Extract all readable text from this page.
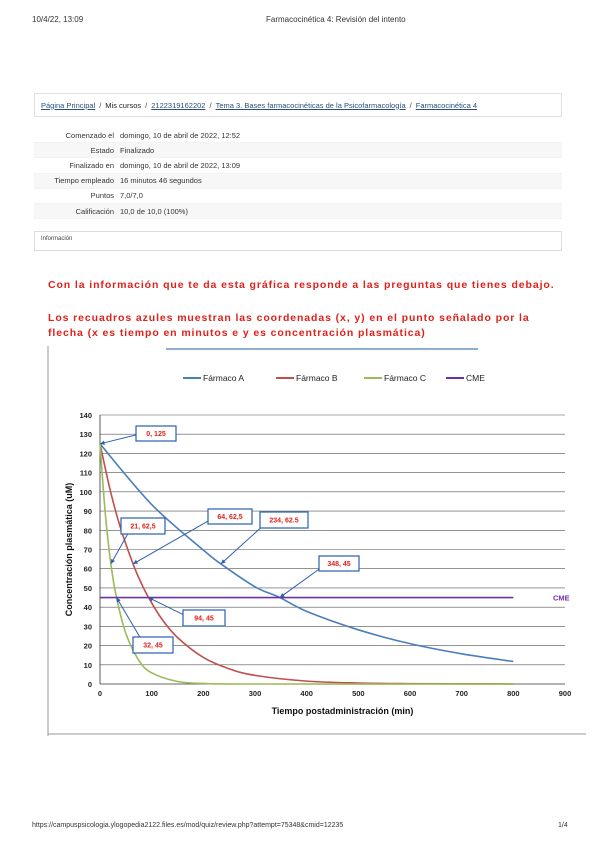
10/4/22, 13:09	Farmacocinética 4: Revisión del intento
Página Principal / Mis cursos / 2122319162202 / Tema 3. Bases farmacocinéticas de la Psicofarmacología / Farmacocinética 4
Comenzado el domingo, 10 de abril de 2022, 12:52
Estado Finalizado
Finalizado en domingo, 10 de abril de 2022, 13:09
Tiempo empleado 16 minutos 46 segundos
Puntos 7,0/7,0
Calificación 10,0 de 10,0 (100%)
Información
Con la información que te da esta gráfica responde a las preguntas que tienes debajo.
Los recuadros azules muestran las coordenadas (x, y) en el punto señalado por la flecha (x es tiempo en minutos e y es concentración plasmática)
0
10
20
30
40
50
60
70
80
90
100
110
120
130
140
0	100	200	300	400	500	600	700	800	900
Tiempo postadministración (min)
Concentración plasmática (uM)	CME
Fármaco A	Fármaco B	Fármaco C	CME
0, 125
21, 62,5
64, 62,5	234, 62.5
348, 45
94, 45
32, 45
https://campuspsicologia.ylogopedia2122.files.es/mod/quiz/review.php?attempt=75348&cmid=12235	1/4
